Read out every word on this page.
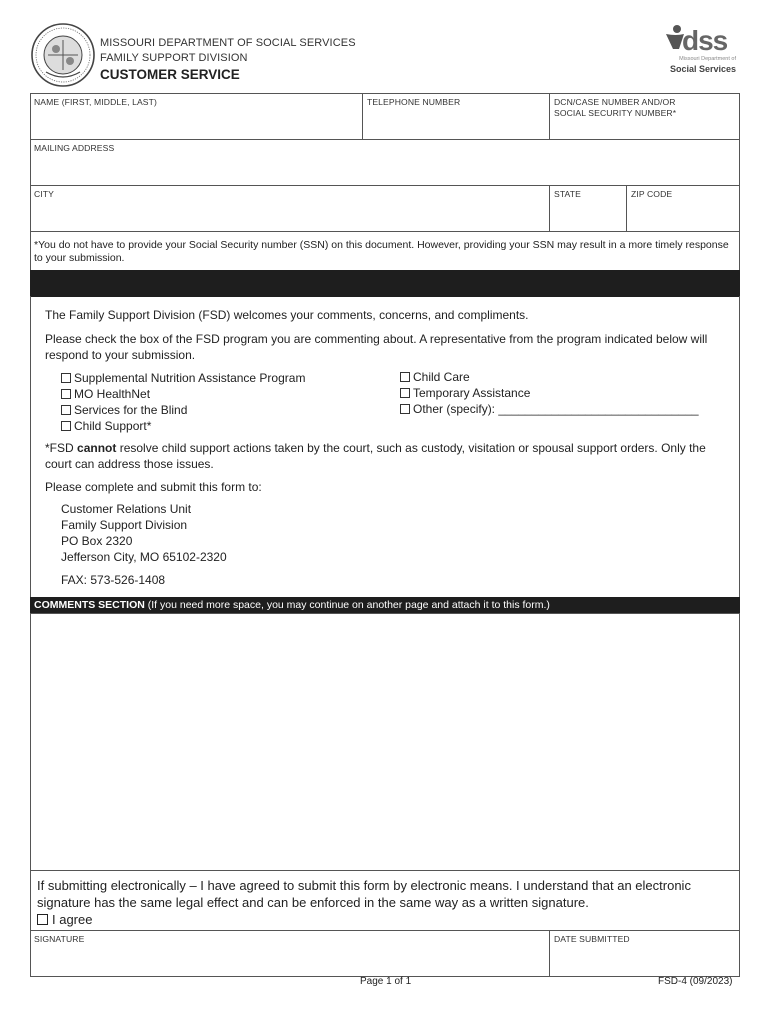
MISSOURI DEPARTMENT OF SOCIAL SERVICES
FAMILY SUPPORT DIVISION
CUSTOMER SERVICE
dss
Missouri Department of
Social Services
NAME (FIRST, MIDDLE, LAST)	TELEPHONE NUMBER	DCN/CASE NUMBER AND/OR
SOCIAL SECURITY NUMBER*
MAILING ADDRESS
CITY	STATE	ZIP CODE
*You do not have to provide your Social Security number (SSN) on this document. However, providing your SSN may result in a more timely response to your submission.
The Family Support Division (FSD) welcomes your comments, concerns, and compliments.
Please check the box of the FSD program you are commenting about. A representative from the program indicated below will respond to your submission.
Supplemental Nutrition Assistance Program
MO HealthNet
Services for the Blind
Child Support*
Child Care
Temporary Assistance
Other (specify): ______________________________
*FSD cannot resolve child support actions taken by the court, such as custody, visitation or spousal support orders. Only the court can address those issues.
Please complete and submit this form to:
Customer Relations Unit
Family Support Division
PO Box 2320
Jefferson City, MO 65102-2320
FAX: 573-526-1408
COMMENTS SECTION (If you need more space, you may continue on another page and attach it to this form.)
If submitting electronically – I have agreed to submit this form by electronic means. I understand that an electronic signature has the same legal effect and can be enforced in the same way as a written signature.
I agree
SIGNATURE	DATE SUBMITTED
Page 1 of 1	FSD-4 (09/2023)
